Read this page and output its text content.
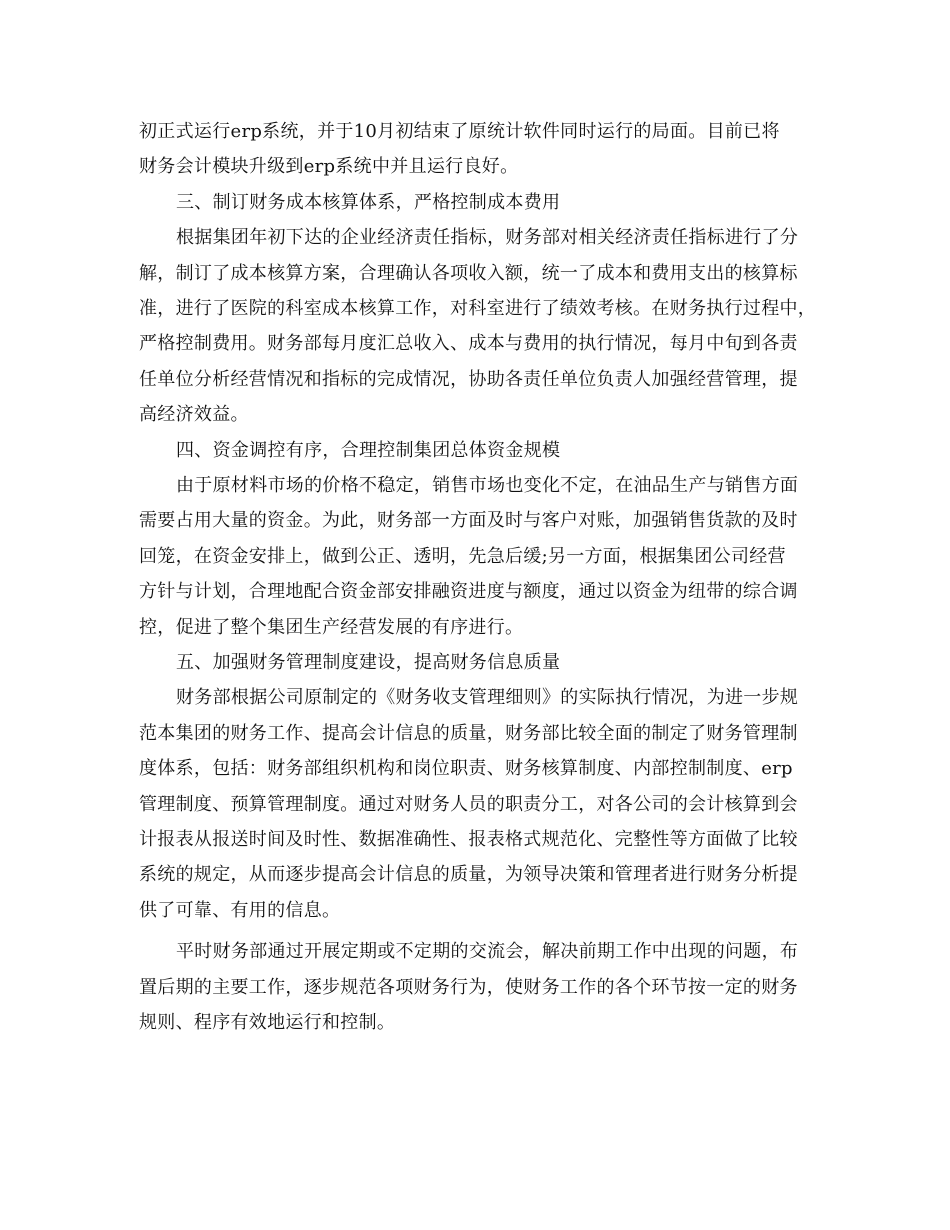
初正式运行erp系统，并于10月初结束了原统计软件同时运行的局面。目前已将
财务会计模块升级到erp系统中并且运行良好。
三、制订财务成本核算体系，严格控制成本费用
根据集团年初下达的企业经济责任指标，财务部对相关经济责任指标进行了分
解，制订了成本核算方案，合理确认各项收入额，统一了成本和费用支出的核算标
准，进行了医院的科室成本核算工作，对科室进行了绩效考核。在财务执行过程中，
严格控制费用。财务部每月度汇总收入、成本与费用的执行情况，每月中旬到各责
任单位分析经营情况和指标的完成情况，协助各责任单位负责人加强经营管理，提
高经济效益。
四、资金调控有序，合理控制集团总体资金规模
由于原材料市场的价格不稳定，销售市场也变化不定，在油品生产与销售方面
需要占用大量的资金。为此，财务部一方面及时与客户对账，加强销售货款的及时
回笼，在资金安排上，做到公正、透明，先急后缓;另一方面，根据集团公司经营
方针与计划，合理地配合资金部安排融资进度与额度，通过以资金为纽带的综合调
控，促进了整个集团生产经营发展的有序进行。
五、加强财务管理制度建设，提高财务信息质量
财务部根据公司原制定的《财务收支管理细则》的实际执行情况，为进一步规
范本集团的财务工作、提高会计信息的质量，财务部比较全面的制定了财务管理制
度体系，包括：财务部组织机构和岗位职责、财务核算制度、内部控制制度、erp
管理制度、预算管理制度。通过对财务人员的职责分工，对各公司的会计核算到会
计报表从报送时间及时性、数据准确性、报表格式规范化、完整性等方面做了比较
系统的规定，从而逐步提高会计信息的质量，为领导决策和管理者进行财务分析提
供了可靠、有用的信息。
平时财务部通过开展定期或不定期的交流会，解决前期工作中出现的问题，布
置后期的主要工作，逐步规范各项财务行为，使财务工作的各个环节按一定的财务
规则、程序有效地运行和控制。
